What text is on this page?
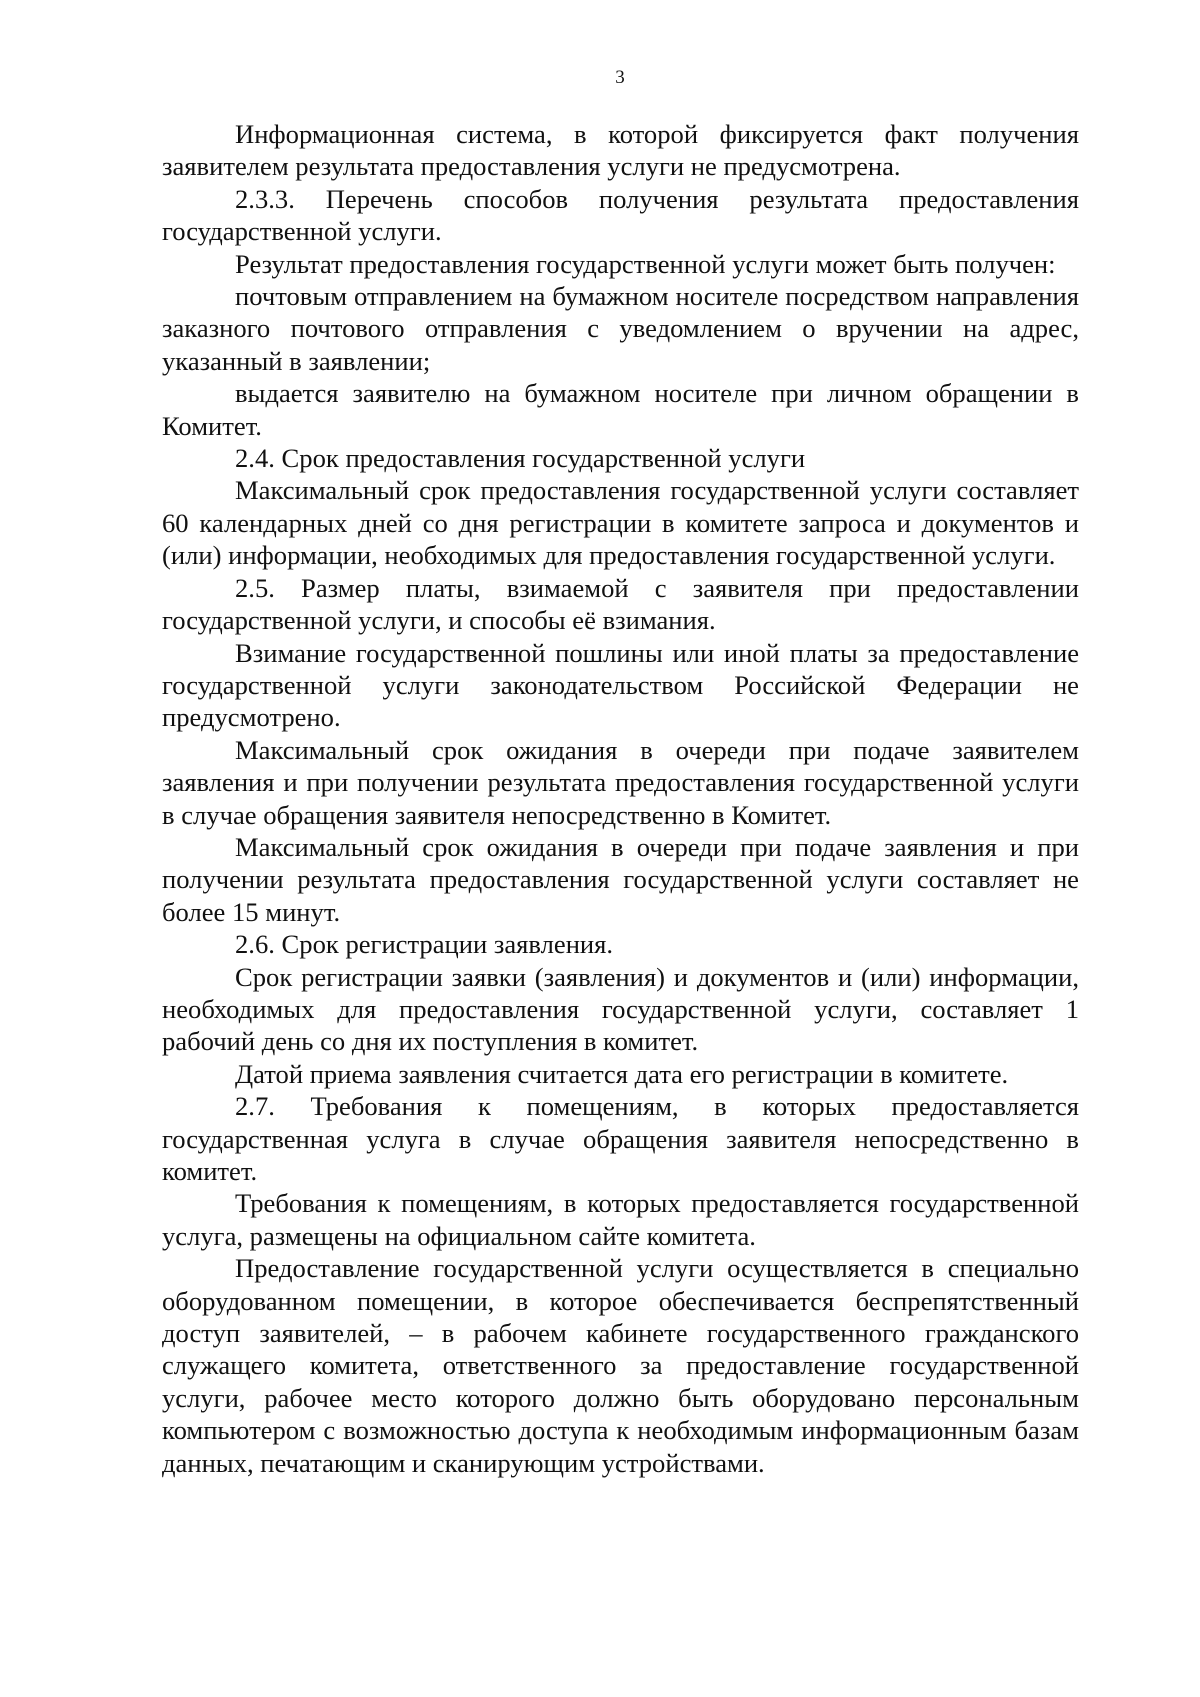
3

Информационная система, в которой фиксируется факт получения заявителем результата предоставления услуги не предусмотрена.

2.3.3. Перечень способов получения результата предоставления государственной услуги.

Результат предоставления государственной услуги может быть получен:

почтовым отправлением на бумажном носителе посредством направления заказного почтового отправления с уведомлением о вручении на адрес, указанный в заявлении;

выдается заявителю на бумажном носителе при личном обращении в Комитет.

2.4. Срок предоставления государственной услуги

Максимальный срок предоставления государственной услуги составляет 60 календарных дней со дня регистрации в комитете запроса и документов и (или) информации, необходимых для предоставления государственной услуги.

2.5. Размер платы, взимаемой с заявителя при предоставлении государственной услуги, и способы её взимания.

Взимание государственной пошлины или иной платы за предоставление государственной услуги законодательством Российской Федерации не предусмотрено.

Максимальный срок ожидания в очереди при подаче заявителем заявления и при получении результата предоставления государственной услуги в случае обращения заявителя непосредственно в Комитет.

Максимальный срок ожидания в очереди при подаче заявления и при получении результата предоставления государственной услуги составляет не более 15 минут.

2.6. Срок регистрации заявления.

Срок регистрации заявки (заявления) и документов и (или) информации, необходимых для предоставления государственной услуги, составляет 1 рабочий день со дня их поступления в комитет.

Датой приема заявления считается дата его регистрации в комитете.

2.7. Требования к помещениям, в которых предоставляется государственная услуга в случае обращения заявителя непосредственно в комитет.

Требования к помещениям, в которых предоставляется государственной услуга, размещены на официальном сайте комитета.

Предоставление государственной услуги осуществляется в специально оборудованном помещении, в которое обеспечивается беспрепятственный доступ заявителей, – в рабочем кабинете государственного гражданского служащего комитета, ответственного за предоставление государственной услуги, рабочее место которого должно быть оборудовано персональным компьютером с возможностью доступа к необходимым информационным базам данных, печатающим и сканирующим устройствами.
